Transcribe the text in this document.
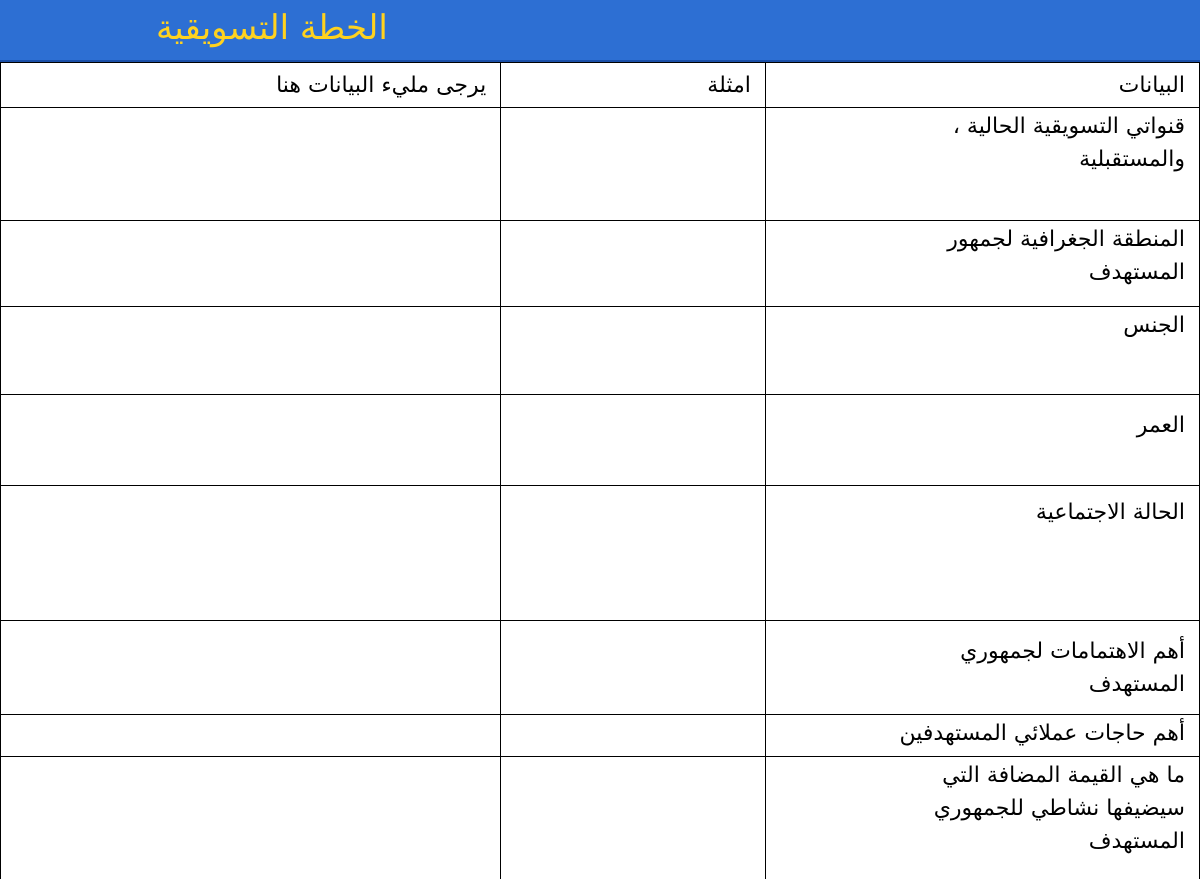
الخطة التسويقية
البيانات	امثلة	يرجى مليء البيانات هنا

قنواتي التسويقية الحالية ، والمستقبلية		

المنطقة الجغرافية لجمهور المستهدف		

الجنس		

العمر		

الحالة الاجتماعية		

أهم الاهتمامات لجمهوري المستهدف		

أهم حاجات عملائي المستهدفين		

ما هي القيمة المضافة التي سيضيفها نشاطي للجمهوري المستهدف		
